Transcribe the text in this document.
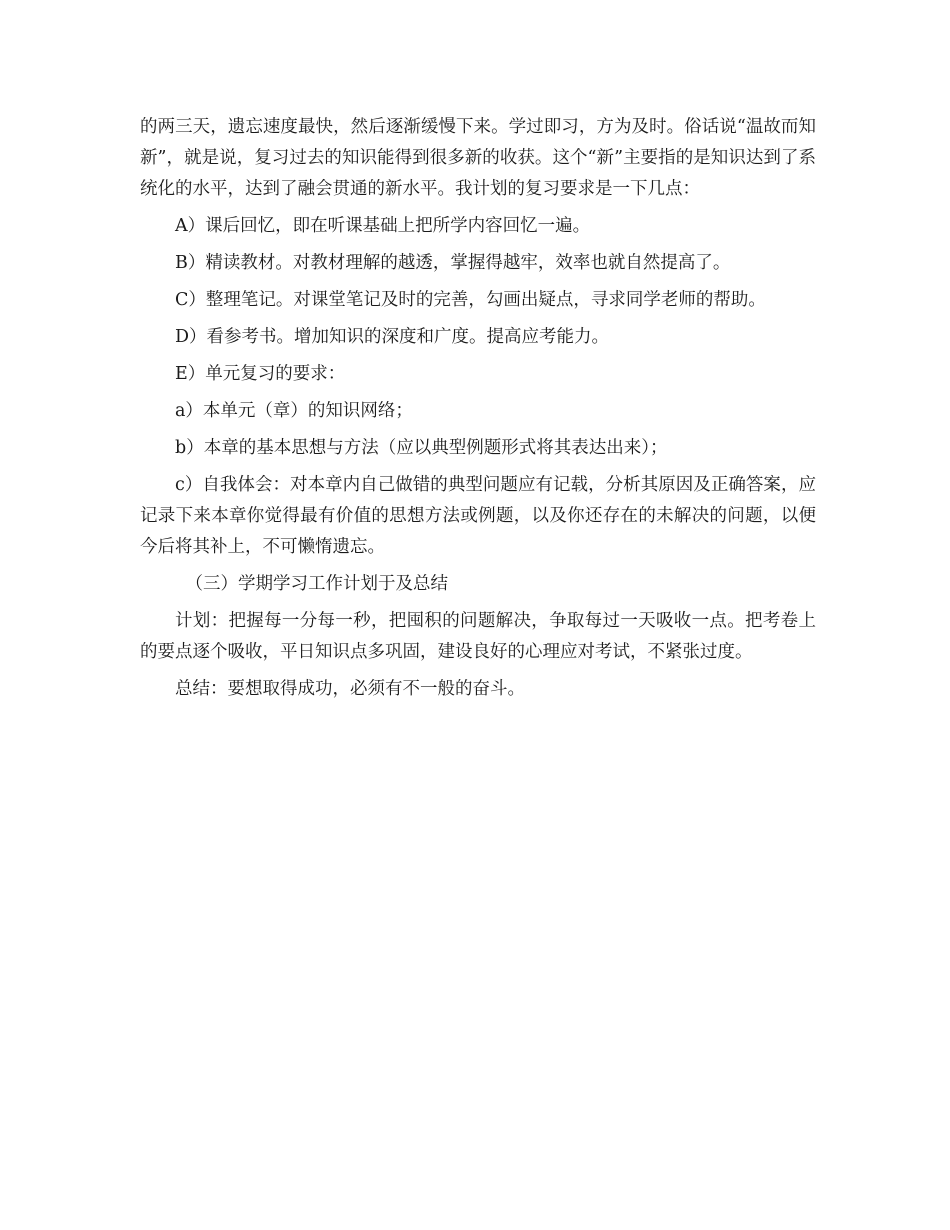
的两三天，遗忘速度最快，然后逐渐缓慢下来。学过即习，方为及时。俗话说“温故而知新”，就是说，复习过去的知识能得到很多新的收获。这个“新”主要指的是知识达到了系统化的水平，达到了融会贯通的新水平。我计划的复习要求是一下几点：

A）课后回忆，即在听课基础上把所学内容回忆一遍。

B）精读教材。对教材理解的越透，掌握得越牢，效率也就自然提高了。

C）整理笔记。对课堂笔记及时的完善，勾画出疑点，寻求同学老师的帮助。

D）看参考书。增加知识的深度和广度。提高应考能力。

E）单元复习的要求：

a）本单元（章）的知识网络；

b）本章的基本思想与方法（应以典型例题形式将其表达出来）；

c）自我体会：对本章内自己做错的典型问题应有记载，分析其原因及正确答案，应记录下来本章你觉得最有价值的思想方法或例题，以及你还存在的未解决的问题，以便今后将其补上，不可懒惰遗忘。

（三）学期学习工作计划于及总结

计划：把握每一分每一秒，把囤积的问题解决，争取每过一天吸收一点。把考卷上的要点逐个吸收，平日知识点多巩固，建设良好的心理应对考试，不紧张过度。

总结：要想取得成功，必须有不一般的奋斗。
